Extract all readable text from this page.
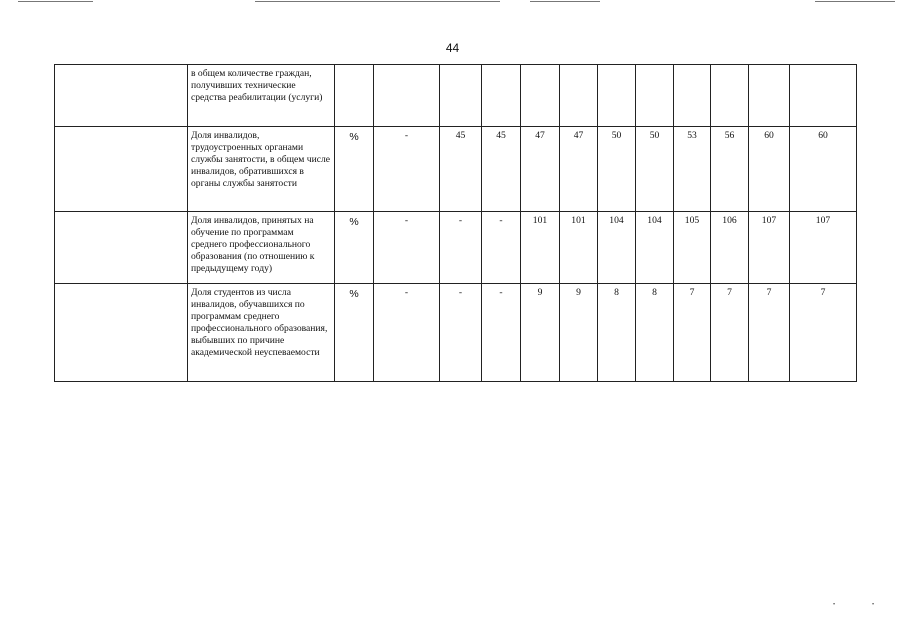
44
	в общем количестве граждан, получивших технические средства реабилитации (услуги)												
	Доля инвалидов, трудоустроенных органами службы занятости, в общем числе инвалидов, обратившихся в органы службы занятости	%	-	45	45	47	47	50	50	53	56	60	60
	Доля инвалидов, принятых на обучение по программам среднего профессионального образования (по отношению к предыдущему году)	%	-	-	-	101	101	104	104	105	106	107	107
	Доля студентов из числа инвалидов, обучавшихся по программам среднего профессионального образования, выбывших по причине академической неуспеваемости	%	-	-	-	9	9	8	8	7	7	7	7
•	•
